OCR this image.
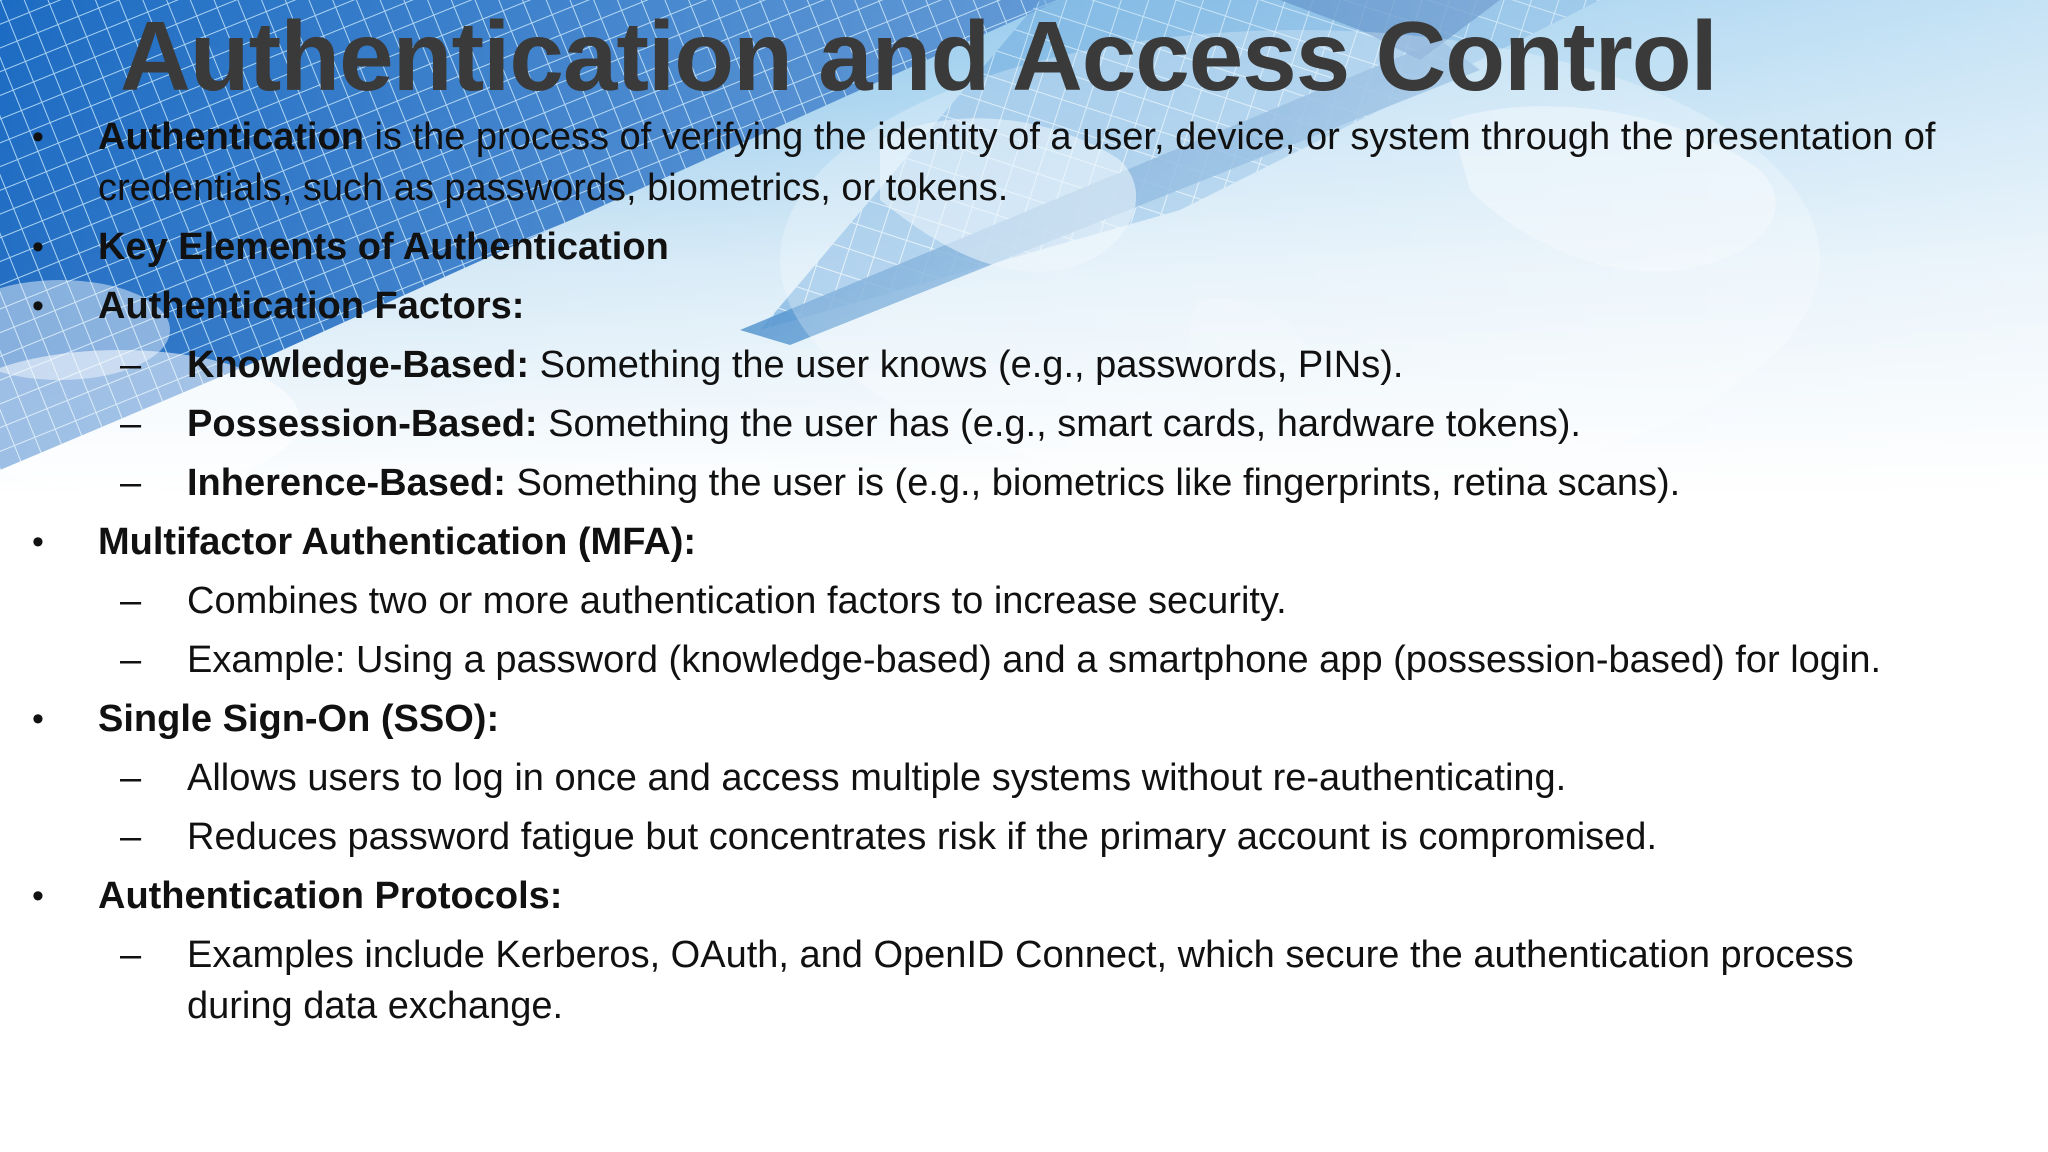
Authentication and Access Control
•	Authentication is the process of verifying the identity of a user, device, or system through the presentation of credentials, such as passwords, biometrics, or tokens.
•	Key Elements of Authentication
•	Authentication Factors:
–	Knowledge-Based: Something the user knows (e.g., passwords, PINs).
–	Possession-Based: Something the user has (e.g., smart cards, hardware tokens).
–	Inherence-Based: Something the user is (e.g., biometrics like fingerprints, retina scans).
•	Multifactor Authentication (MFA):
–	Combines two or more authentication factors to increase security.
–	Example: Using a password (knowledge-based) and a smartphone app (possession-based) for login.
•	Single Sign-On (SSO):
–	Allows users to log in once and access multiple systems without re-authenticating.
–	Reduces password fatigue but concentrates risk if the primary account is compromised.
•	Authentication Protocols:
–	Examples include Kerberos, OAuth, and OpenID Connect, which secure the authentication process during data exchange.
